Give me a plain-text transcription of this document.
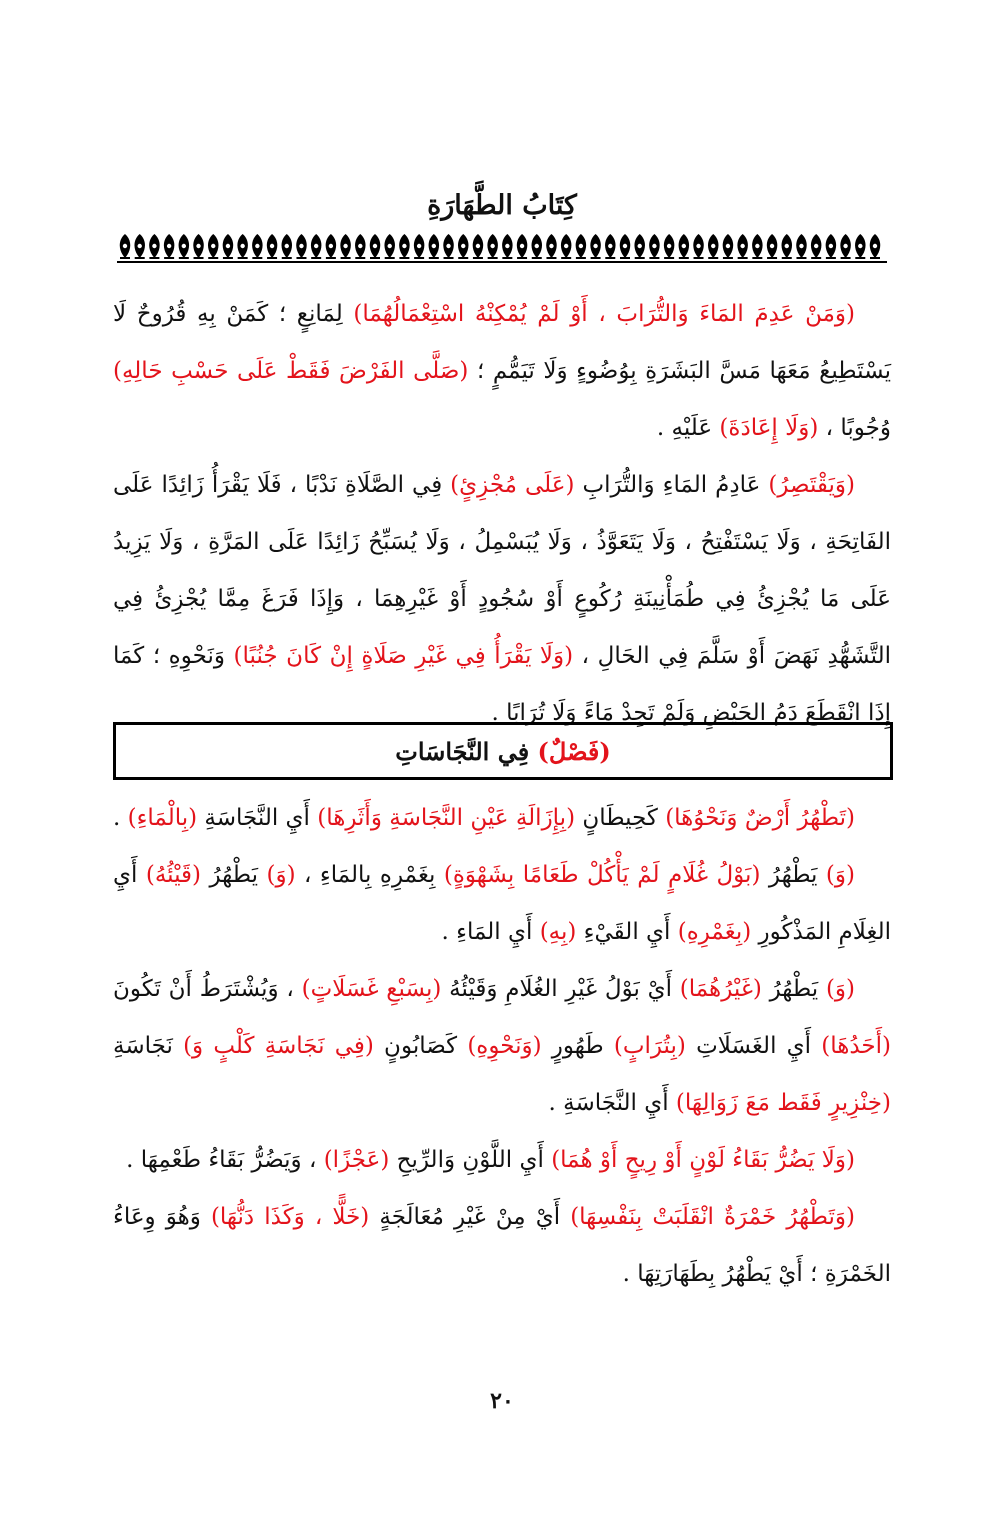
كِتَابُ الطَّهَارَةِ

(وَمَنْ عَدِمَ المَاءَ وَالتُّرَابَ ، أَوْ لَمْ يُمْكِنْهُ اسْتِعْمَالُهُمَا) لِمَانِعٍ ؛ كَمَنْ بِهِ قُرُوحٌ لَا يَسْتَطِيعُ مَعَهَا مَسَّ البَشَرَةِ بِوُضُوءٍ وَلَا تَيَمُّمٍ ؛ (صَلَّى الفَرْضَ فَقَطْ عَلَى حَسْبِ حَالِهِ) وُجُوبًا ، (وَلَا إِعَادَةَ) عَلَيْهِ .

(وَيَقْتَصِرُ) عَادِمُ المَاءِ وَالتُّرَابِ (عَلَى مُجْزِئٍ) فِي الصَّلَاةِ نَدْبًا ، فَلَا يَقْرَأُ زَائِدًا عَلَى الفَاتِحَةِ ، وَلَا يَسْتَفْتِحُ ، وَلَا يَتَعَوَّذُ ، وَلَا يُبَسْمِلُ ، وَلَا يُسَبِّحُ زَائِدًا عَلَى المَرَّةِ ، وَلَا يَزِيدُ عَلَى مَا يُجْزِئُ فِي طُمَأْنِينَةِ رُكُوعٍ أَوْ سُجُودٍ أَوْ غَيْرِهِمَا ، وَإِذَا فَرَغَ مِمَّا يُجْزِئُ فِي التَّشَهُّدِ نَهَضَ أَوْ سَلَّمَ فِي الحَالِ ، (وَلَا يَقْرَأُ فِي غَيْرِ صَلَاةٍ إِنْ كَانَ جُنُبًا) وَنَحْوِهِ ؛ كَمَا إِذَا انْقَطَعَ دَمُ الحَيْضِ وَلَمْ تَجِدْ مَاءً وَلَا تُرَابًا .

(فَصْلٌ) فِي النَّجَاسَاتِ

(تَطْهُرُ أَرْضٌ وَنَحْوُهَا) كَحِيطَانٍ (بِإِزَالَةِ عَيْنِ النَّجَاسَةِ وَأَثَرِهَا) أَيِ النَّجَاسَةِ (بِالْمَاءِ) .

(وَ) يَطْهُرُ (بَوْلُ غُلَامٍ لَمْ يَأْكُلْ طَعَامًا بِشَهْوَةٍ) بِغَمْرِهِ بِالمَاءِ ، (وَ) يَطْهُرُ (قَيْئُهُ) أَيِ الغِلَامِ المَذْكُورِ (بِغَمْرِهِ) أَيِ القَيْءِ (بِهِ) أَيِ المَاءِ .

(وَ) يَطْهُرُ (غَيْرُهُمَا) أَيْ بَوْلُ غَيْرِ الغُلَامِ وَقَيْئُهُ (بِسَبْعِ غَسَلَاتٍ) ، وَيُشْتَرَطُ أَنْ تَكُونَ (أَحَدُهَا) أَيِ الغَسَلَاتِ (بِتُرَابٍ) طَهُورٍ (وَنَحْوِهِ) كَصَابُونٍ (فِي نَجَاسَةِ كَلْبٍ وَ) نَجَاسَةِ (خِنْزِيرٍ فَقَط مَعَ زَوَالِهَا) أَيِ النَّجَاسَةِ .

(وَلَا يَضُرُّ بَقَاءُ لَوْنٍ أَوْ رِيحٍ أَوْ هُمَا) أَيِ اللَّوْنِ وَالرِّيحِ (عَجْزًا) ، وَيَضُرُّ بَقَاءُ طَعْمِهَا .

(وَتَطْهُرُ خَمْرَةٌ انْقَلَبَتْ بِنَفْسِهَا) أَيْ مِنْ غَيْرِ مُعَالَجَةٍ (خَلًّا ، وَكَذَا دَنُّهَا) وَهُوَ وِعَاءُ الخَمْرَةِ ؛ أَيْ يَطْهُرُ بِطَهَارَتِهَا .

٢٠
